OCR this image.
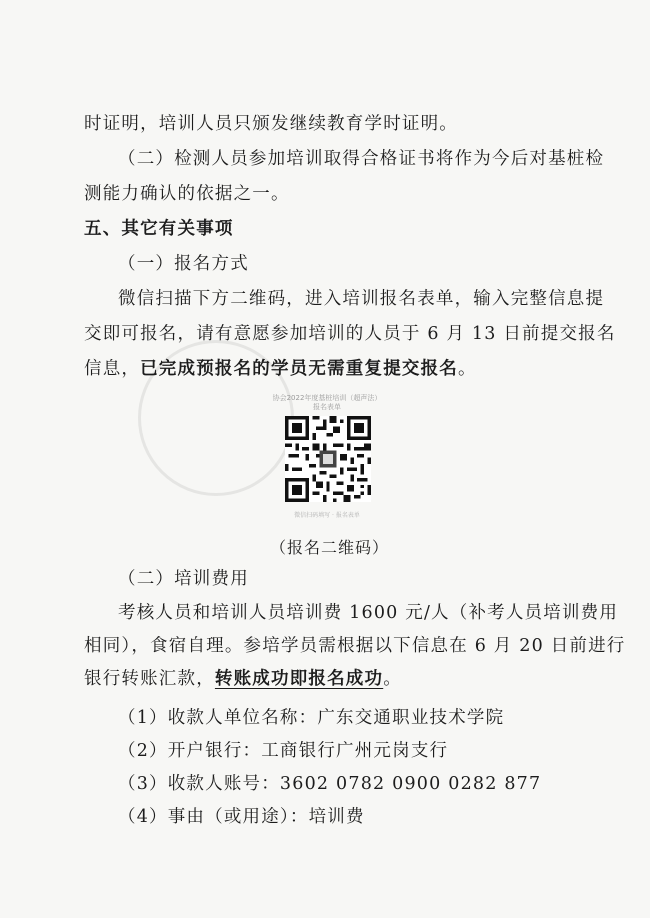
时证明，培训人员只颁发继续教育学时证明。
（二）检测人员参加培训取得合格证书将作为今后对基桩检
测能力确认的依据之一。
五、其它有关事项
（一）报名方式
微信扫描下方二维码，进入培训报名表单，输入完整信息提
交即可报名，请有意愿参加培训的人员于 6 月 13 日前提交报名
信息，已完成预报名的学员无需重复提交报名。
协会2022年度基桩培训（超声法）报名表单
微信扫码填写 · 报名表单
（报名二维码）
（二）培训费用
考核人员和培训人员培训费 1600 元/人（补考人员培训费用
相同），食宿自理。参培学员需根据以下信息在 6 月 20 日前进行
银行转账汇款，转账成功即报名成功。
（1）收款人单位名称：广东交通职业技术学院
（2）开户银行：工商银行广州元岗支行
（3）收款人账号：3602 0782 0900 0282 877
（4）事由（或用途）：培训费
